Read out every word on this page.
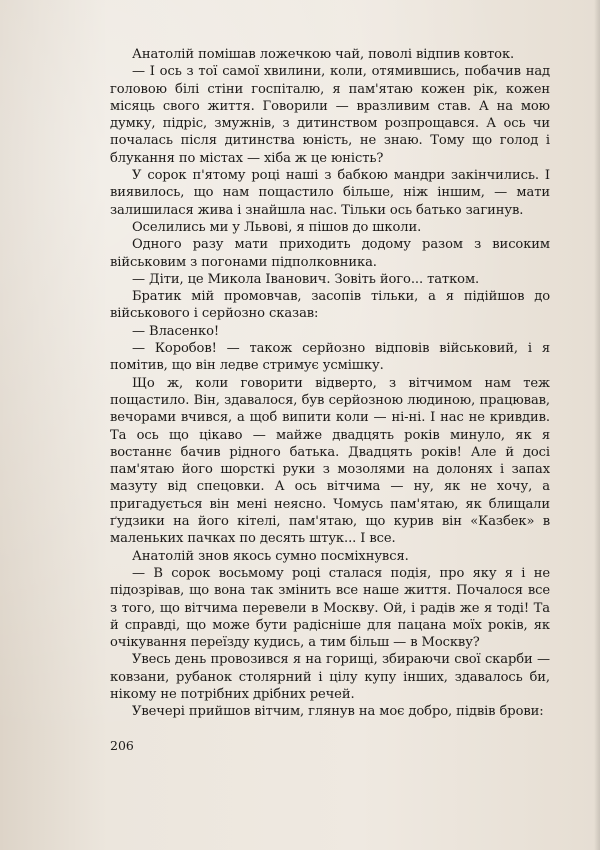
Анатолій помішав ложечкою чай, поволі відпив ковток.

— І ось з тої самої хвилини, коли, отямившись, побачив над головою білі стіни госпіталю, я пам'ятаю кожен рік, кожен місяць свого життя. Говорили — вразливим став. А на мою думку, підріс, змужнів, з дитинством розпрощався. А ось чи почалась після дитинства юність, не знаю. Тому що голод і блукання по містах — хіба ж це юність?

У сорок п'ятому році наші з бабкою мандри закінчились. І виявилось, що нам пощастило більше, ніж іншим, — мати залишилася жива і знайшла нас. Тільки ось батько загинув.

Оселились ми у Львові, я пішов до школи.

Одного разу мати приходить додому разом з високим військовим з погонами підполковника.

— Діти, це Микола Іванович. Зовіть його... татком.

Братик мій промовчав, засопів тільки, а я підійшов до військового і серйозно сказав:

— Власенко!

— Коробов! — також серйозно відповів військовий, і я помітив, що він ледве стримує усмішку.

Що ж, коли говорити відверто, з вітчимом нам теж пощастило. Він, здавалося, був серйозною людиною, працював, вечорами вчився, а щоб випити коли — ні-ні. І нас не кривдив. Та ось що цікаво — майже двадцять років минуло, як я востаннє бачив рідного батька. Двадцять років! Але й досі пам'ятаю його шорсткі руки з мозолями на долонях і запах мазуту від спецовки. А ось вітчима — ну, як не хочу, а пригадується він мені неясно. Чомусь пам'ятаю, як блищали ґудзики на його кітелі, пам'ятаю, що курив він «Казбек» в маленьких пачках по десять штук... І все.

Анатолій знов якось сумно посміхнувся.

— В сорок восьмому році сталася подія, про яку я і не підозрівав, що вона так змінить все наше життя. Почалося все з того, що вітчима перевели в Москву. Ой, і радів же я тоді! Та й справді, що може бути радісніше для пацана моїх років, як очікування переїзду кудись, а тим більш — в Москву?

Увесь день провозився я на горищі, збираючи свої скарби — ковзани, рубанок столярний і цілу купу інших, здавалось би, нікому не потрібних дрібних речей.

Увечері прийшов вітчим, глянув на моє добро, підвів брови:

206
